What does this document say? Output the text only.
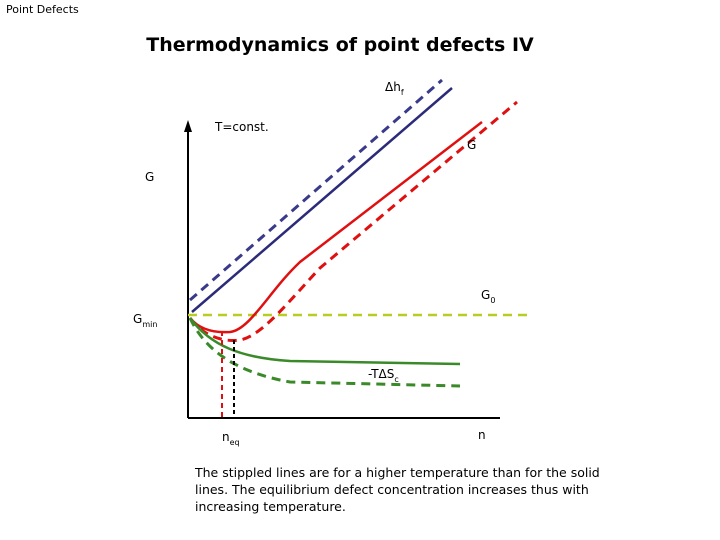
Point Defects
Thermodynamics of point defects IV
$\Delta h_f$
T=const.
G
G
$G_0$
$G_{min}$
$-T\Delta S_c$
$n_{eq}$
n
The stippled lines are for a higher temperature than for the solid lines. The equilibrium defect concentration increases thus with increasing temperature.
